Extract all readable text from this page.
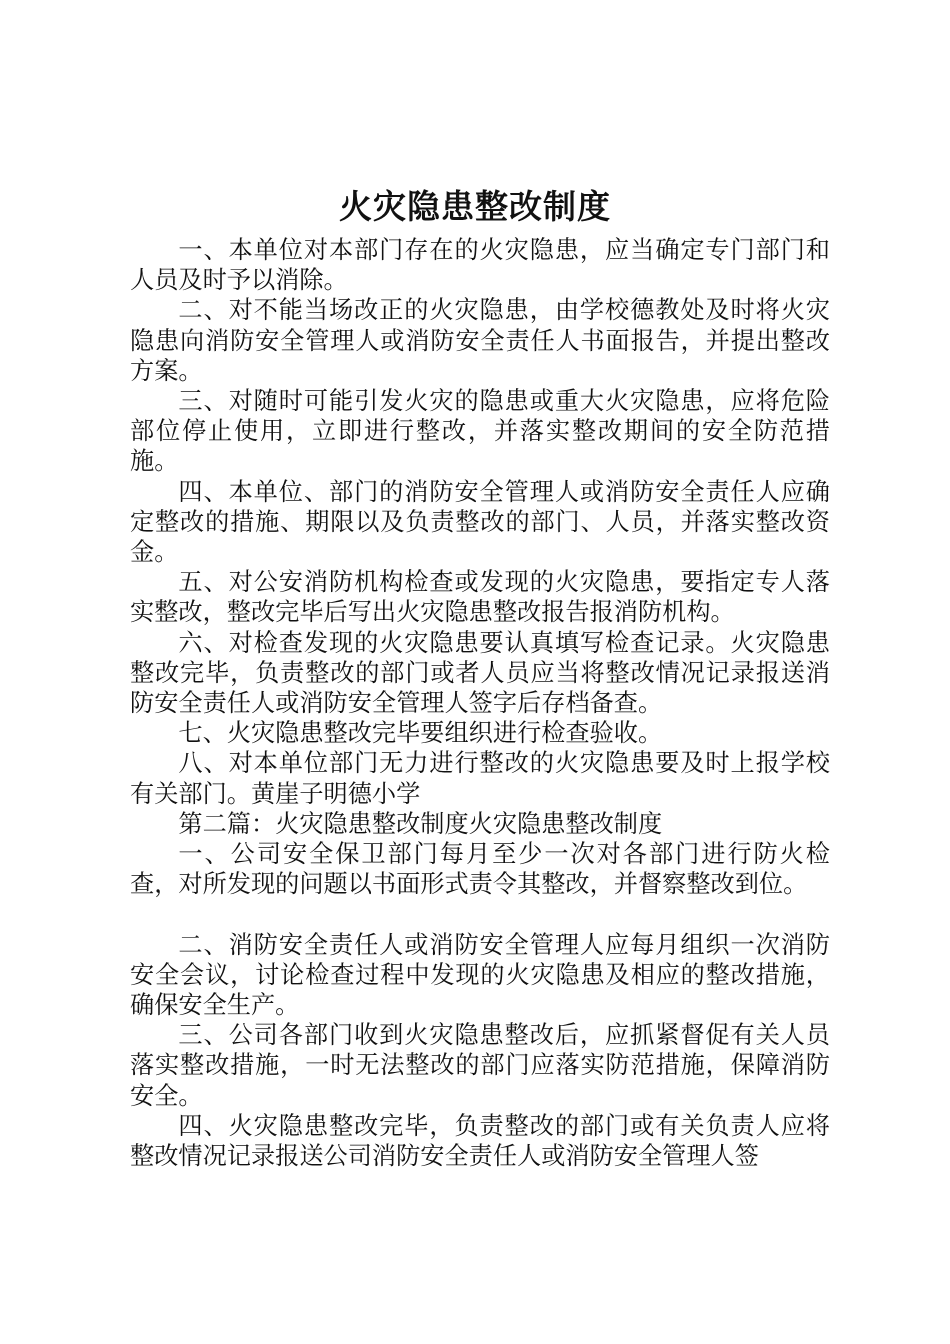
火灾隐患整改制度

一、本单位对本部门存在的火灾隐患，应当确定专门部门和人员及时予以消除。

二、对不能当场改正的火灾隐患，由学校德教处及时将火灾隐患向消防安全管理人或消防安全责任人书面报告，并提出整改方案。

三、对随时可能引发火灾的隐患或重大火灾隐患，应将危险部位停止使用，立即进行整改，并落实整改期间的安全防范措施。

四、本单位、部门的消防安全管理人或消防安全责任人应确定整改的措施、期限以及负责整改的部门、人员，并落实整改资金。

五、对公安消防机构检查或发现的火灾隐患，要指定专人落实整改，整改完毕后写出火灾隐患整改报告报消防机构。

六、对检查发现的火灾隐患要认真填写检查记录。火灾隐患整改完毕，负责整改的部门或者人员应当将整改情况记录报送消防安全责任人或消防安全管理人签字后存档备查。

七、火灾隐患整改完毕要组织进行检查验收。

八、对本单位部门无力进行整改的火灾隐患要及时上报学校有关部门。黄崖子明德小学

第二篇：火灾隐患整改制度火灾隐患整改制度

一、公司安全保卫部门每月至少一次对各部门进行防火检查，对所发现的问题以书面形式责令其整改，并督察整改到位。

二、消防安全责任人或消防安全管理人应每月组织一次消防安全会议，讨论检查过程中发现的火灾隐患及相应的整改措施，确保安全生产。

三、公司各部门收到火灾隐患整改后，应抓紧督促有关人员落实整改措施，一时无法整改的部门应落实防范措施，保障消防安全。

四、火灾隐患整改完毕，负责整改的部门或有关负责人应将整改情况记录报送公司消防安全责任人或消防安全管理人签
